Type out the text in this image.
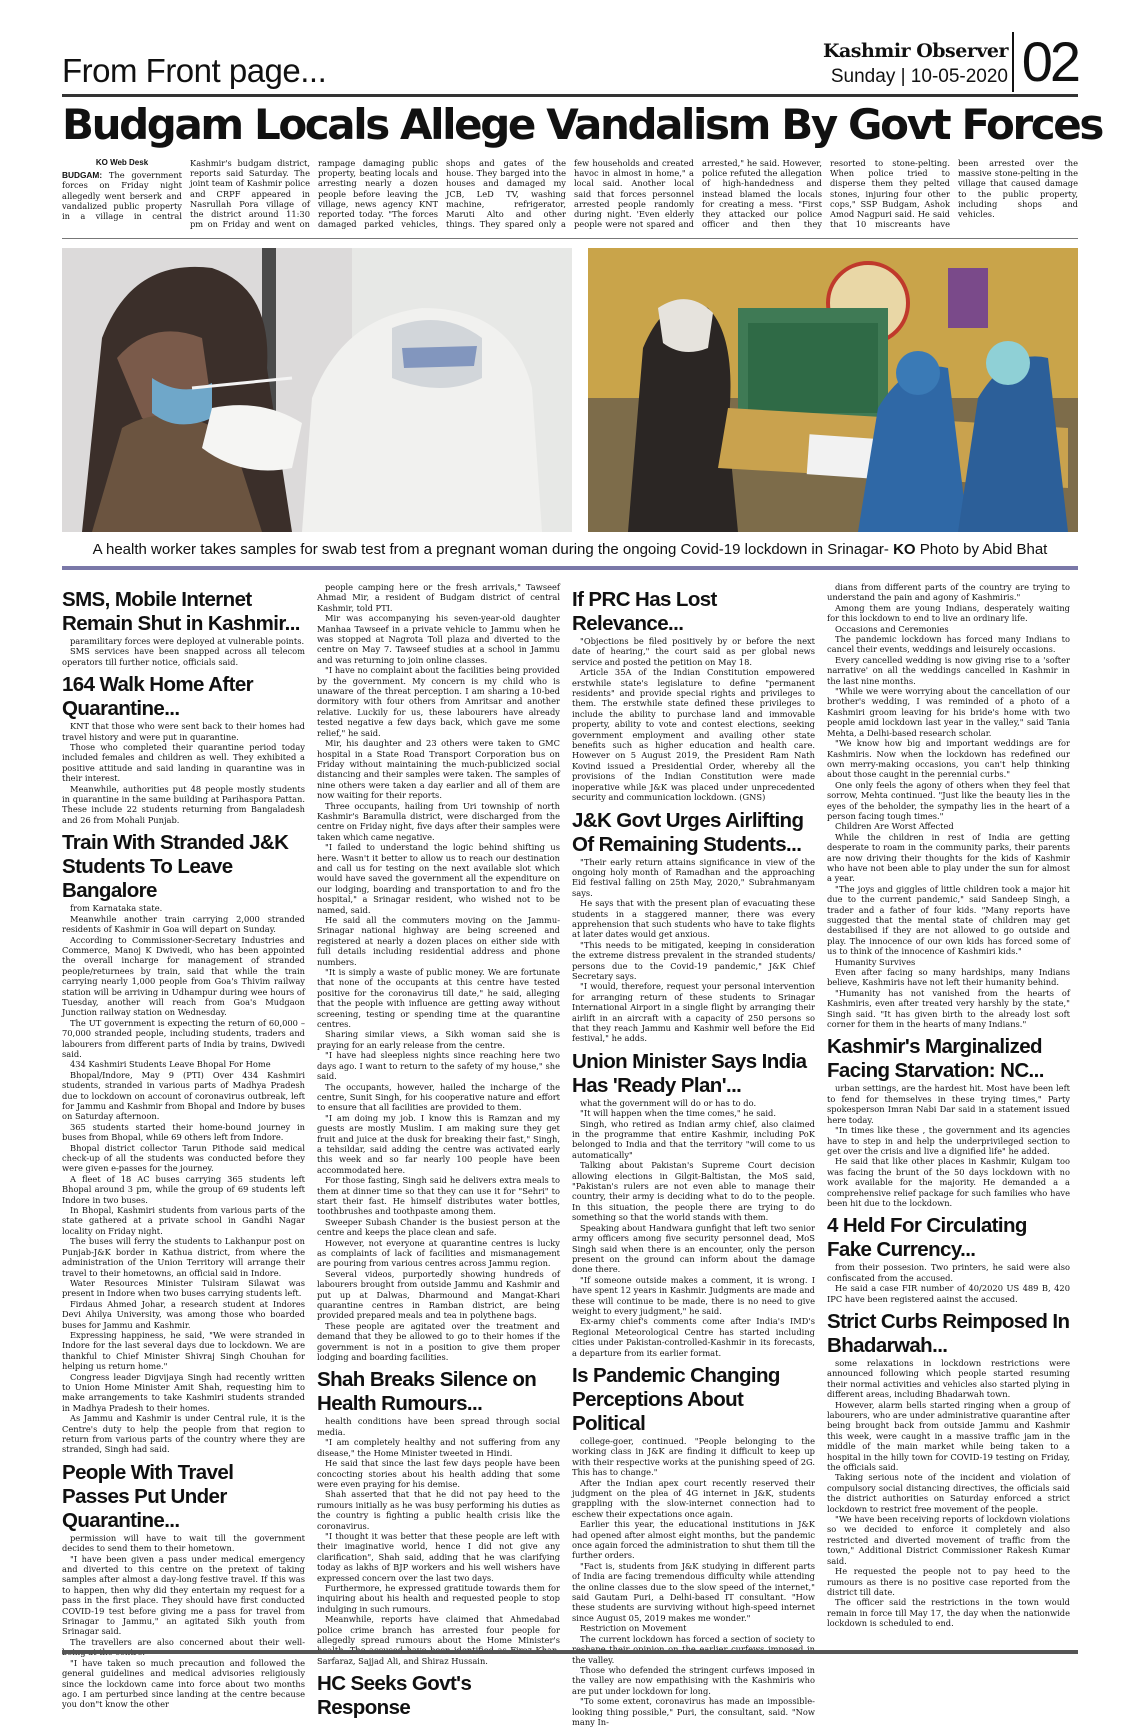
From Front page...
Kashmir Observer
Sunday | 10-05-2020 02
Budgam Locals Allege Vandalism By Govt Forces
KO Web Desk

BUDGAM: The government forces on Friday night allegedly went berserk and vandalized public property in a village in central Kashmir's budgam district, reports said Saturday. The joint team of Kashmir police and CRPF appeared in Nasrullah Pora village of the district around 11:30 pm on Friday and went on rampage damaging public property, beating locals and arresting nearly a dozen people before leaving the village, news agency KNT reported today. "The forces damaged parked vehicles, shops and gates of the house. They barged into the houses and damaged my JCB, LeD TV, washing machine, refrigerator, Maruti Alto and other things. They spared only a few households and created havoc in almost in home," a local said. Another local said that forces personnel arrested people randomly during night. 'Even elderly people were not spared and arrested," he said. However, police refuted the allegation of high-handedness and instead blamed the locals for creating a mess. "First they attacked our police officer and then they resorted to stone-pelting. When police tried to disperse them they pelted stones, injuring four other cops," SSP Budgam, Ashok Amod Nagpuri said. He said that 10 miscreants have been arrested over the massive stone-pelting in the village that caused damage to the public property, including shops and vehicles.

A health worker takes samples for swab test from a pregnant woman during the ongoing Covid-19 lockdown in Srinagar- KO Photo by Abid Bhat
SMS, Mobile Internet Remain Shut in Kashmir...

paramilitary forces were deployed at vulnerable points.

SMS services have been snapped across all telecom operators till further notice, officials said.

164 Walk Home After Quarantine...

KNT that those who were sent back to their homes had travel history and were put in quarantine.

Those who completed their quarantine period today included females and children as well. They exhibited a positive attitude and said landing in quarantine was in their interest.

Meanwhile, authorities put 48 people mostly students in quarantine in the same building at Parihaspora Pattan. These include 22 students returning from Bangaladesh and 26 from Mohali Punjab.

Train With Stranded J&K Students To Leave Bangalore

from Karnataka state.

Meanwhile another train carrying 2,000 stranded residents of Kashmir in Goa will depart on Sunday.

According to Commissioner-Secretary Industries and Commerce, Manoj K Dwivedi, who has been appointed the overall incharge for management of stranded people/returnees by train, said that while the train carrying nearly 1,000 people from Goa's Thivim railway station will be arriving in Udhampur during wee hours of Tuesday, another will reach from Goa's Mudgaon Junction railway station on Wednesday.

The UT government is expecting the return of 60,000 – 70,000 stranded people, including students, traders and labourers from different parts of India by trains, Dwivedi said.

434 Kashmiri Students Leave Bhopal For Home

Bhopal/Indore, May 9 (PTI) Over 434 Kashmiri students, stranded in various parts of Madhya Pradesh due to lockdown on account of coronavirus outbreak, left for Jammu and Kashmir from Bhopal and Indore by buses on Saturday afternoon.

365 students started their home-bound journey in buses from Bhopal, while 69 others left from Indore.

Bhopal district collector Tarun Pithode said medical check-up of all the students was conducted before they were given e-passes for the journey.

A fleet of 18 AC buses carrying 365 students left Bhopal around 3 pm, while the group of 69 students left Indore in two buses.

In Bhopal, Kashmiri students from various parts of the state gathered at a private school in Gandhi Nagar locality on Friday night.

The buses will ferry the students to Lakhanpur post on Punjab-J&K border in Kathua district, from where the administration of the Union Territory will arrange their travel to their hometowns, an official said in Indore.

Water Resources Minister Tulsiram Silawat was present in Indore when two buses carrying students left.

Firdaus Ahmed Johar, a research student at Indores Devi Ahilya University, was among those who boarded buses for Jammu and Kashmir.

Expressing happiness, he said, "We were stranded in Indore for the last several days due to lockdown. We are thankful to Chief Minister Shivraj Singh Chouhan for helping us return home."

Congress leader Digvijaya Singh had recently written to Union Home Minister Amit Shah, requesting him to make arrangements to take Kashmiri students stranded in Madhya Pradesh to their homes.

As Jammu and Kashmir is under Central rule, it is the Centre's duty to help the people from that region to return from various parts of the country where they are stranded, Singh had said.

People With Travel Passes Put Under Quarantine...

permission will have to wait till the government decides to send them to their hometown.

"I have been given a pass under medical emergency and diverted to this centre on the pretext of taking samples after almost a day-long festive travel. If this was to happen, then why did they entertain my request for a pass in the first place. They should have first conducted COVID-19 test before giving me a pass for travel from Srinagar to Jammu," an agitated Sikh youth from Srinagar said.

The travellers are also concerned about their well-

"I have taken so much precaution and followed the general guidelines and medical advisories religiously since the lockdown came into force about two months ago. I am perturbed since landing at the centre because you don"t know the other

people camping here or the fresh arrivals," Tawseef Ahmad Mir, a resident of Budgam district of central Kashmir, told PTI.

Mir was accompanying his seven-year-old daughter Manhaa Tawseef in a private vehicle to Jammu when he was stopped at Nagrota Toll plaza and diverted to the centre on May 7. Tawseef studies at a school in Jammu and was returning to join online classes.

"I have no complaint about the facilities being provided by the government. My concern is my child who is unaware of the threat perception. I am sharing a 10-bed dormitory with four others from Amritsar and another relative. Luckily for us, these labourers have already tested negative a few days back, which gave me some relief," he said.

Mir, his daughter and 23 others were taken to GMC hospital in a State Road Transport Corporation bus on Friday without maintaining the much-publicized social distancing and their samples were taken. The samples of nine others were taken a day earlier and all of them are now waiting for their reports.

Three occupants, hailing from Uri township of north Kashmir's Baramulla district, were discharged from the centre on Friday night, five days after their samples were taken which came negative.

"I failed to understand the logic behind shifting us here. Wasn't it better to allow us to reach our destination and call us for testing on the next available slot which would have saved the government all the expenditure on our lodging, boarding and transportation to and fro the hospital," a Srinagar resident, who wished not to be named, said.

He said all the commuters moving on the Jammu-Srinagar national highway are being screened and registered at nearly a dozen places on either side with full details including residential address and phone numbers.

"It is simply a waste of public money. We are fortunate that none of the occupants at this centre have tested positive for the coronavirus till date," he said, alleging that the people with influence are getting away without screening, testing or spending time at the quarantine centres.

Sharing similar views, a Sikh woman said she is praying for an early release from the centre.

"I have had sleepless nights since reaching here two days ago. I want to return to the safety of my house," she said.

The occupants, however, hailed the incharge of the centre, Sunit Singh, for his cooperative nature and effort to ensure that all facilities are provided to them.

"I am doing my job. I know this is Ramzan and my guests are mostly Muslim. I am making sure they get fruit and juice at the dusk for breaking their fast," Singh, a tehsildar, said adding the centre was activated early this week and so far nearly 100 people have been accommodated here.

For those fasting, Singh said he delivers extra meals to them at dinner time so that they can use it for "Sehri" to start their fast. He himself distributes water bottles, toothbrushes and toothpaste among them.

Sweeper Subash Chander is the busiest person at the centre and keeps the place clean and safe.

However, not everyone at quarantine centres is lucky as complaints of lack of facilities and mismanagement are pouring from various centres across Jammu region.

Several videos, purportedly showing hundreds of labourers brought from outside Jammu and Kashmir and put up at Dalwas, Dharmound and Mangat-Khari quarantine centres in Ramban district, are being provided prepared meals and tea in polythene bags.

These people are agitated over the treatment and demand that they be allowed to go to their homes if the government is not in a position to give them proper lodging and boarding facilities.

Shah Breaks Silence on Health Rumours...

health conditions have been spread through social media.

"I am completely healthy and not suffering from any disease," the Home Minister tweeted in Hindi.

He said that since the last few days people have been concocting stories about his health adding that some were even praying for his demise.

Shah asserted that that he did not pay heed to the rumours initially as he was busy performing his duties as the country is fighting a public health crisis like the coronavirus.

"I thought it was better that these people are left with their imaginative world, hence I did not give any clarification", Shah said, adding that he was clarifying today as lakhs of BJP workers and his well wishers have expressed concern over the last two days.

Furthermore, he expressed gratitude towards them for inquiring about his health and requested people to stop indulging in such rumours.

Meanwhile, reports have claimed that Ahmedabad police crime branch has arrested four people for allegedly spread rumours about the Home Minister's Sarfaraz, Sajjad Ali, and Shiraz Hussain.

HC Seeks Govt's Response
If PRC Has Lost Relevance...

"Objections be filed positively by or before the next date of hearing," the court said as per global news service and posted the petition on May 18.

Article 35A of the Indian Constitution empowered erstwhile state's legislature to define "permanent residents" and provide special rights and privileges to them. The erstwhile state defined these privileges to include the ability to purchase land and immovable property, ability to vote and contest elections, seeking government employment and availing other state benefits such as higher education and health care. However on 5 August 2019, the President Ram Nath Kovind issued a Presidential Order, whereby all the provisions of the Indian Constitution were made inoperative while J&K was placed under unprecedented security and communication lockdown. (GNS)

J&K Govt Urges Airlifting Of Remaining Students...

"Their early return attains significance in view of the ongoing holy month of Ramadhan and the approaching Eid festival falling on 25th May, 2020," Subrahmanyam says.

He says that with the present plan of evacuating these students in a staggered manner, there was every apprehension that such students who have to take flights at later dates would get anxious.

"This needs to be mitigated, keeping in consideration the extreme distress prevalent in the stranded students/ persons due to the Covid-19 pandemic," J&K Chief Secretary says.

"I would, therefore, request your personal intervention for arranging return of these students to Srinagar International Airport in a single flight by arranging their airlift in an aircraft with a capacity of 250 persons so that they reach Jammu and Kashmir well before the Eid festival," he adds.

Union Minister Says India Has 'Ready Plan'...

what the government will do or has to do.

"It will happen when the time comes," he said.

Singh, who retired as Indian army chief, also claimed in the programme that entire Kashmir, including PoK belonged to India and that the territory "will come to us automatically"

Talking about Pakistan's Supreme Court decision allowing elections in Gilgit-Baltistan, the MoS said, "Pakistan's rulers are not even able to manage their country, their army is deciding what to do to the people. In this situation, the people there are trying to do something so that the world stands with them.

Speaking about Handwara gunfight that left two senior army officers among five security personnel dead, MoS Singh said when there is an encounter, only the person present on the ground can inform about the damage done there.

"If someone outside makes a comment, it is wrong. I have spent 12 years in Kashmir. Judgments are made and these will continue to be made, there is no need to give weight to every judgment," he said.

Ex-army chief's comments come after India's IMD's Regional Meteorological Centre has started including cities under Pakistan-controlled-Kashmir in its forecasts, a departure from its earlier format.

Is Pandemic Changing Perceptions About Political

college-goer, continued. "People belonging to the working class in J&K are finding it difficult to keep up with their respective works at the punishing speed of 2G. This has to change."

After the Indian apex court recently reserved their judgment on the plea of 4G internet in J&K, students grappling with the slow-internet connection had to eschew their expectations once again.

Earlier this year, the educational institutions in J&K had opened after almost eight months, but the pandemic once again forced the administration to shut them till the further orders.

"Fact is, students from J&K studying in different parts of India are facing tremendous difficulty while attending the online classes due to the slow speed of the internet," said Gautam Puri, a Delhi-based IT consultant. "How these students are surviving without high-speed internet since August 05, 2019 makes me wonder."

Restriction on Movement

The current lockdown has forced a section of society to the valley.

Those who defended the stringent curfews imposed in the valley are now empathising with the Kashmiris who are put under lockdown for long.

"To some extent, coronavirus has made an impossible-looking thing possible," Puri, the consultant, said. "Now many In-

dians from different parts of the country are trying to understand the pain and agony of Kashmiris."

Among them are young Indians, desperately waiting for this lockdown to end to live an ordinary life.

Occasions and Ceremonies

The pandemic lockdown has forced many Indians to cancel their events, weddings and leisurely occasions.

Every cancelled wedding is now giving rise to a 'softer narrative' on all the weddings cancelled in Kashmir in the last nine months.

"While we were worrying about the cancellation of our brother's wedding, I was reminded of a photo of a Kashmiri groom leaving for his bride's home with two people amid lockdown last year in the valley," said Tania Mehta, a Delhi-based research scholar.

"We know how big and important weddings are for Kashmiris. Now when the lockdown has redefined our own merry-making occasions, you can't help thinking about those caught in the perennial curbs."

One only feels the agony of others when they feel that sorrow, Mehta continued. "Just like the beauty lies in the eyes of the beholder, the sympathy lies in the heart of a person facing tough times."

Children Are Worst Affected

While the children in rest of India are getting desperate to roam in the community parks, their parents are now driving their thoughts for the kids of Kashmir who have not been able to play under the sun for almost a year.

"The joys and giggles of little children took a major hit due to the current pandemic," said Sandeep Singh, a trader and a father of four kids. "Many reports have suggested that the mental state of children may get destabilised if they are not allowed to go outside and play. The innocence of our own kids has forced some of us to think of the innocence of Kashmiri kids."

Humanity Survives

Even after facing so many hardships, many Indians believe, Kashmiris have not left their humanity behind.

"Humanity has not vanished from the hearts of Kashmiris, even after treated very harshly by the state," Singh said. "It has given birth to the already lost soft corner for them in the hearts of many Indians."

Kashmir's Marginalized Facing Starvation: NC...

urban settings, are the hardest hit. Most have been left to fend for themselves in these trying times," Party spokesperson Imran Nabi Dar said in a statement issued here today.

"In times like these , the government and its agencies have to step in and help the underprivileged section to get over the crisis and live a dignified life" he added.

He said that like other places in Kashmir, Kulgam too was facing the brunt of the 50 days lockdown with no work available for the majority. He demanded a a comprehensive relief package for such families who have been hit due to the lockdown.

4 Held For Circulating Fake Currency...

from their possesion. Two printers, he said were also confiscated from the accused.

He said a case FIR number of 40/2020 US 489 B, 420 IPC have been registered aainst the accused.

Strict Curbs Reimposed In Bhadarwah...

some relaxations in lockdown restrictions were announced following which people started resuming their normal activities and vehicles also started plying in different areas, including Bhadarwah town.

However, alarm bells started ringing when a group of labourers, who are under administrative quarantine after being brought back from outside Jammu and Kashmir this week, were caught in a massive traffic jam in the middle of the main market while being taken to a hospital in the hilly town for COVID-19 testing on Friday, the officials said.

Taking serious note of the incident and violation of compulsory social distancing directives, the officials said the district authorities on Saturday enforced a strict lockdown to restrict free movement of the people.

"We have been receiving reports of lockdown violations so we decided to enforce it completely and also restricted and diverted movement of traffic from the town," Additional District Commissioner Rakesh Kumar said.

He requested the people not to pay heed to the rumours as there is no positive case reported from the district till date.

The officer said the restrictions in the town would remain in force till May 17, the day when the nationwide lockdown is scheduled to end.
